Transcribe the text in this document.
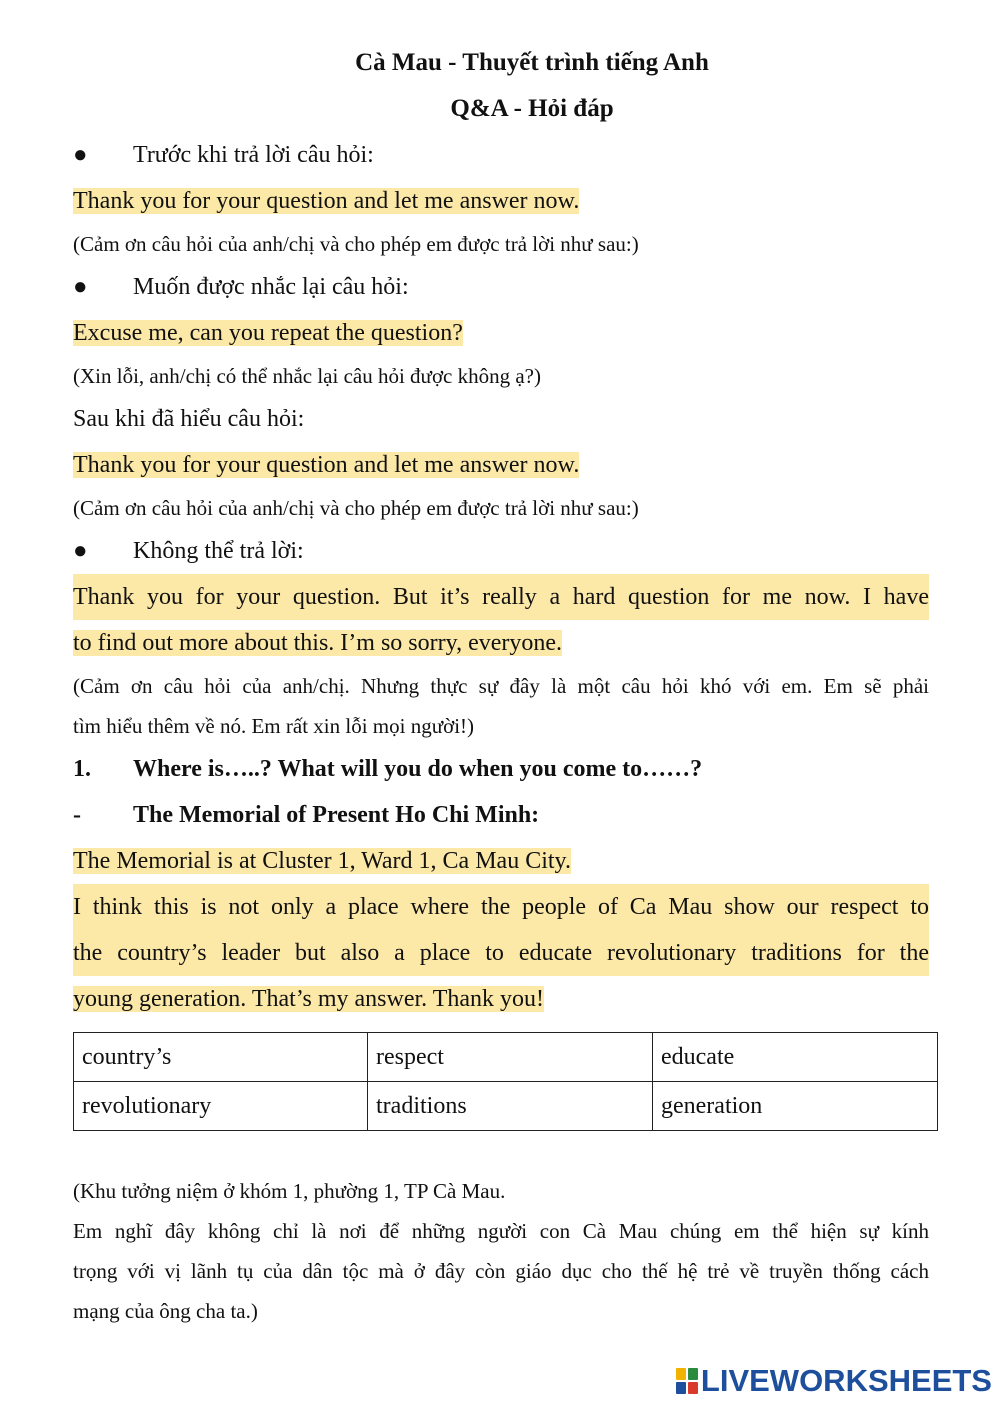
Cà Mau - Thuyết trình tiếng Anh
Q&A - Hỏi đáp
● Trước khi trả lời câu hỏi:
Thank you for your question and let me answer now.
(Cảm ơn câu hỏi của anh/chị và cho phép em được trả lời như sau:)
● Muốn được nhắc lại câu hỏi:
Excuse me, can you repeat the question?
(Xin lỗi, anh/chị có thể nhắc lại câu hỏi được không ạ?)
Sau khi đã hiểu câu hỏi:
Thank you for your question and let me answer now.
(Cảm ơn câu hỏi của anh/chị và cho phép em được trả lời như sau:)
● Không thể trả lời:
Thank you for your question. But it’s really a hard question for me now. I have
to find out more about this. I’m so sorry, everyone.
(Cảm ơn câu hỏi của anh/chị. Nhưng thực sự đây là một câu hỏi khó với em. Em sẽ phải
tìm hiểu thêm về nó. Em rất xin lỗi mọi người!)
1. Where is…..? What will you do when you come to……?
- The Memorial of Present Ho Chi Minh:
The Memorial is at Cluster 1, Ward 1, Ca Mau City.
I think this is not only a place where the people of Ca Mau show our respect to
the country’s leader but also a place to educate revolutionary traditions for the
young generation. That’s my answer. Thank you!
country’s	respect	educate
revolutionary	traditions	generation
(Khu tưởng niệm ở khóm 1, phường 1, TP Cà Mau.
Em nghĩ đây không chỉ là nơi để những người con Cà Mau chúng em thể hiện sự kính
trọng với vị lãnh tụ của dân tộc mà ở đây còn giáo dục cho thế hệ trẻ về truyền thống cách
mạng của ông cha ta.)
LIVEWORKSHEETS
